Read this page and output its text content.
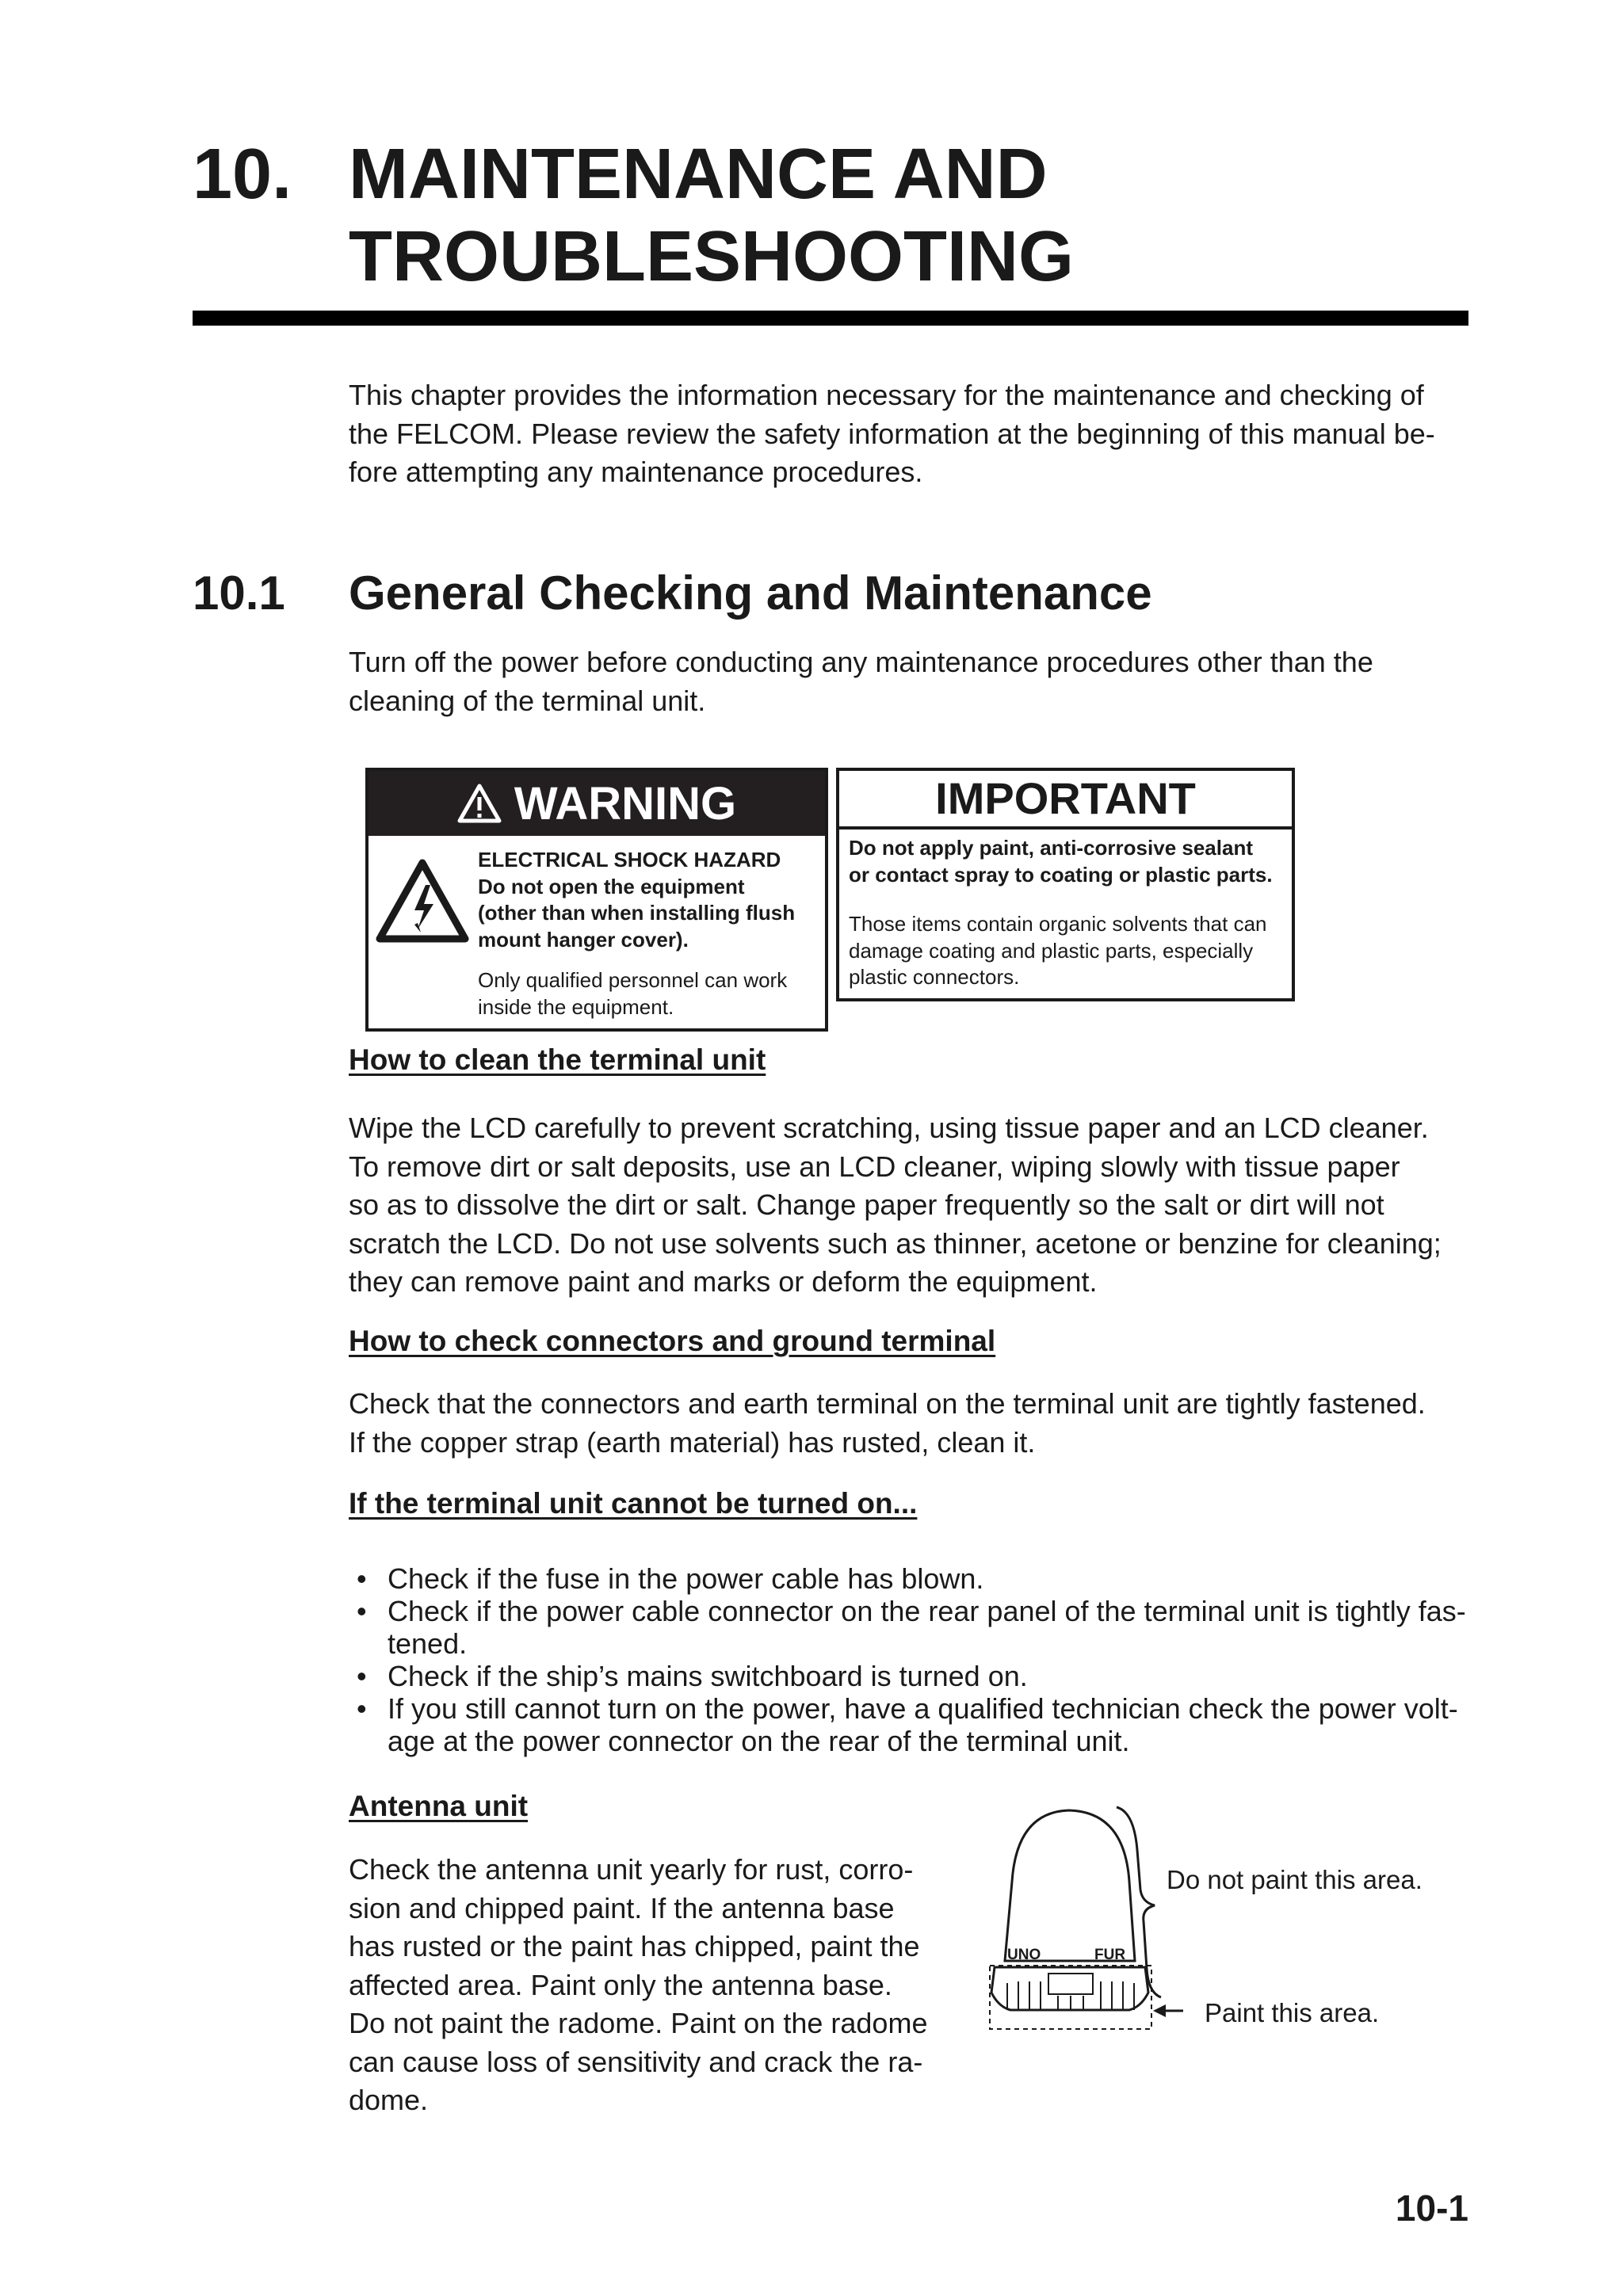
10. MAINTENANCE AND
TROUBLESHOOTING
This chapter provides the information necessary for the maintenance and checking of
the FELCOM. Please review the safety information at the beginning of this manual be-
fore attempting any maintenance procedures.
10.1 General Checking and Maintenance
Turn off the power before conducting any maintenance procedures other than the
cleaning of the terminal unit.
WARNING
ELECTRICAL SHOCK HAZARD
Do not open the equipment
(other than when installing flush
mount hanger cover).
Only qualified personnel can work
inside the equipment.
IMPORTANT
Do not apply paint, anti-corrosive sealant
or contact spray to coating or plastic parts.
Those items contain organic solvents that can
damage coating and plastic parts, especially
plastic connectors.
How to clean the terminal unit
Wipe the LCD carefully to prevent scratching, using tissue paper and an LCD cleaner.
To remove dirt or salt deposits, use an LCD cleaner, wiping slowly with tissue paper
so as to dissolve the dirt or salt. Change paper frequently so the salt or dirt will not
scratch the LCD. Do not use solvents such as thinner, acetone or benzine for cleaning;
they can remove paint and marks or deform the equipment.
How to check connectors and ground terminal
Check that the connectors and earth terminal on the terminal unit are tightly fastened.
If the copper strap (earth material) has rusted, clean it.
If the terminal unit cannot be turned on...
• Check if the fuse in the power cable has blown.
• Check if the power cable connector on the rear panel of the terminal unit is tightly fas-
tened.
• Check if the ship’s mains switchboard is turned on.
• If you still cannot turn on the power, have a qualified technician check the power volt-
age at the power connector on the rear of the terminal unit.
Antenna unit
Check the antenna unit yearly for rust, corro-
sion and chipped paint. If the antenna base
has rusted or the paint has chipped, paint the
affected area. Paint only the antenna base.
Do not paint the radome. Paint on the radome
can cause loss of sensitivity and crack the ra-
dome.
UNO	FUR
Do not paint this area.
Paint this area.
10-1
